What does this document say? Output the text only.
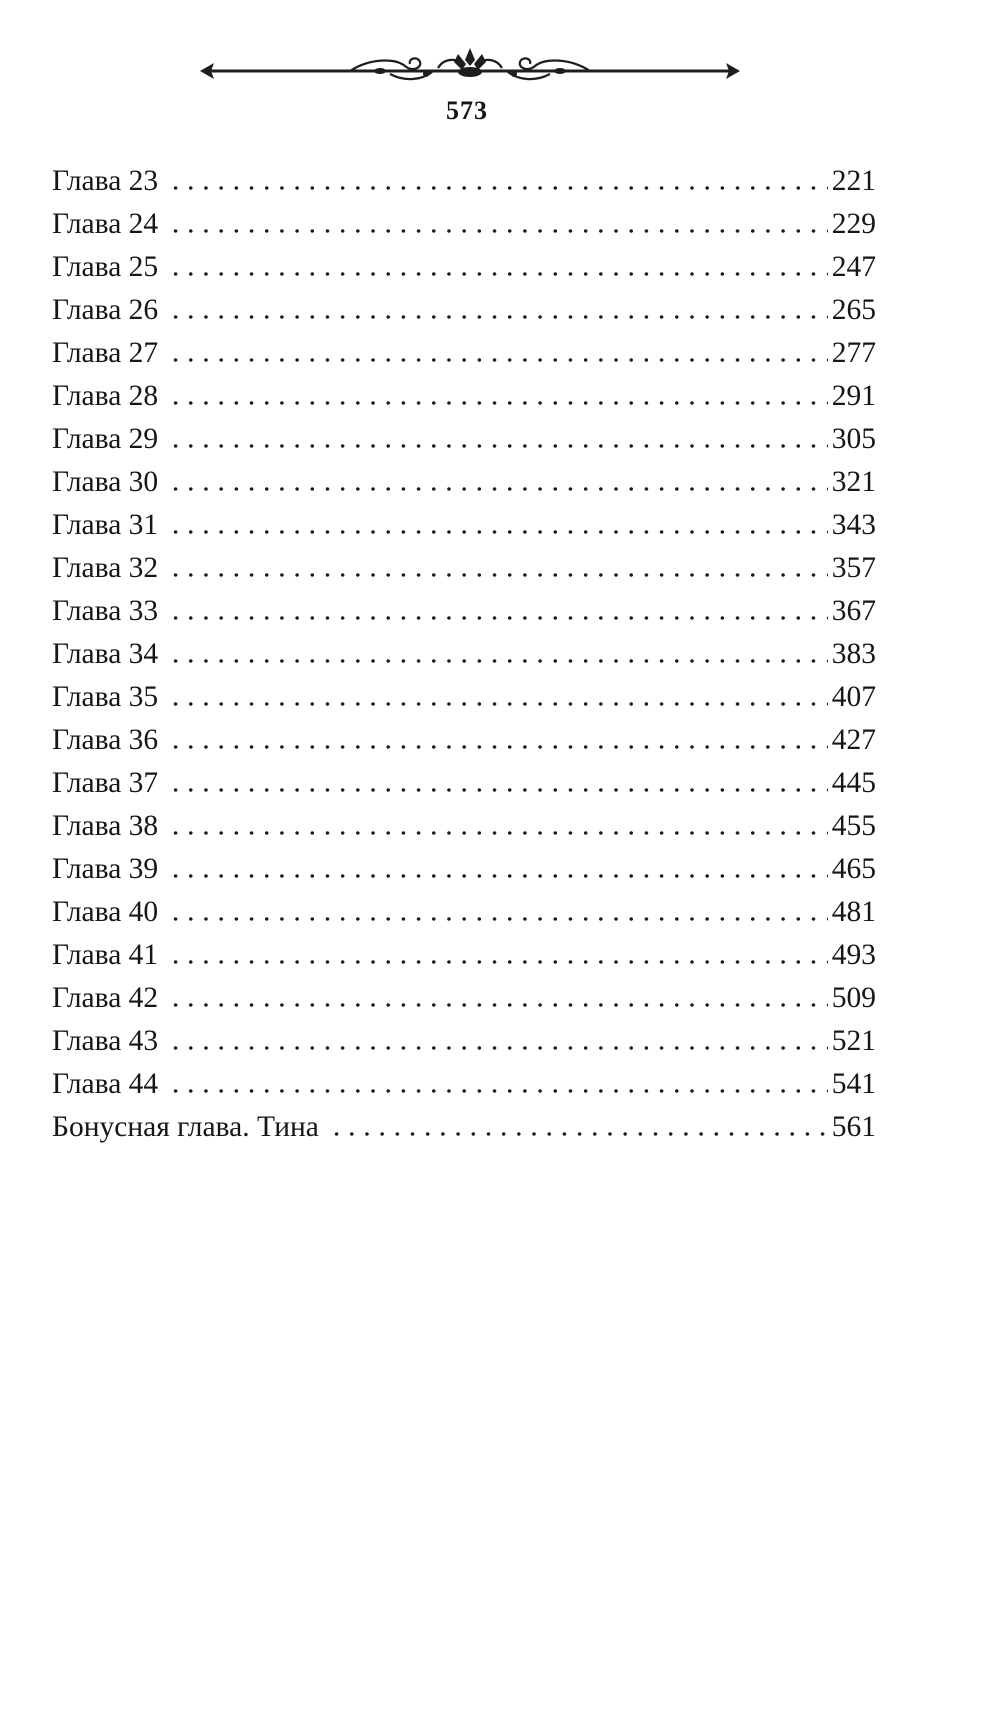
573
Глава 23	221
Глава 24	229
Глава 25	247
Глава 26	265
Глава 27	277
Глава 28	291
Глава 29	305
Глава 30	321
Глава 31	343
Глава 32	357
Глава 33	367
Глава 34	383
Глава 35	407
Глава 36	427
Глава 37	445
Глава 38	455
Глава 39	465
Глава 40	481
Глава 41	493
Глава 42	509
Глава 43	521
Глава 44	541
Бонусная глава. Тина	561
